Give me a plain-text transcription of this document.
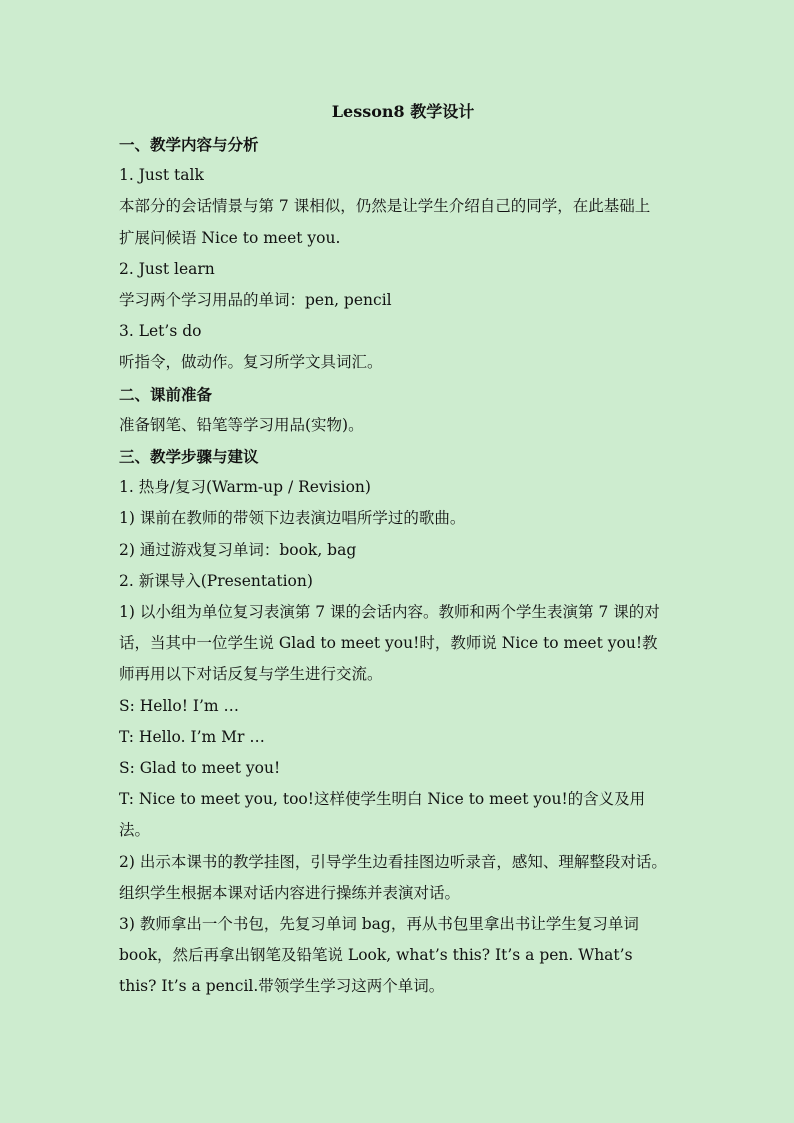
Lesson8 教学设计
一、教学内容与分析
1. Just talk
本部分的会话情景与第 7 课相似，仍然是让学生介绍自己的同学，在此基础上
扩展问候语 Nice to meet you.
2. Just learn
学习两个学习用品的单词：pen, pencil
3. Let’s do
听指令，做动作。复习所学文具词汇。
二、课前准备
准备钢笔、铅笔等学习用品(实物)。
三、教学步骤与建议
1. 热身/复习(Warm-up / Revision)
1) 课前在教师的带领下边表演边唱所学过的歌曲。
2) 通过游戏复习单词：book, bag
2. 新课导入(Presentation)
1) 以小组为单位复习表演第 7 课的会话内容。教师和两个学生表演第 7 课的对
话，当其中一位学生说 Glad to meet you!时，教师说 Nice to meet you!教
师再用以下对话反复与学生进行交流。
S: Hello! I’m …
T: Hello. I’m Mr …
S: Glad to meet you!
T: Nice to meet you, too!这样使学生明白 Nice to meet you!的含义及用
法。
2) 出示本课书的教学挂图，引导学生边看挂图边听录音，感知、理解整段对话。
组织学生根据本课对话内容进行操练并表演对话。
3) 教师拿出一个书包，先复习单词 bag，再从书包里拿出书让学生复习单词
book，然后再拿出钢笔及铅笔说 Look, what’s this? It’s a pen. What’s
this? It’s a pencil.带领学生学习这两个单词。
